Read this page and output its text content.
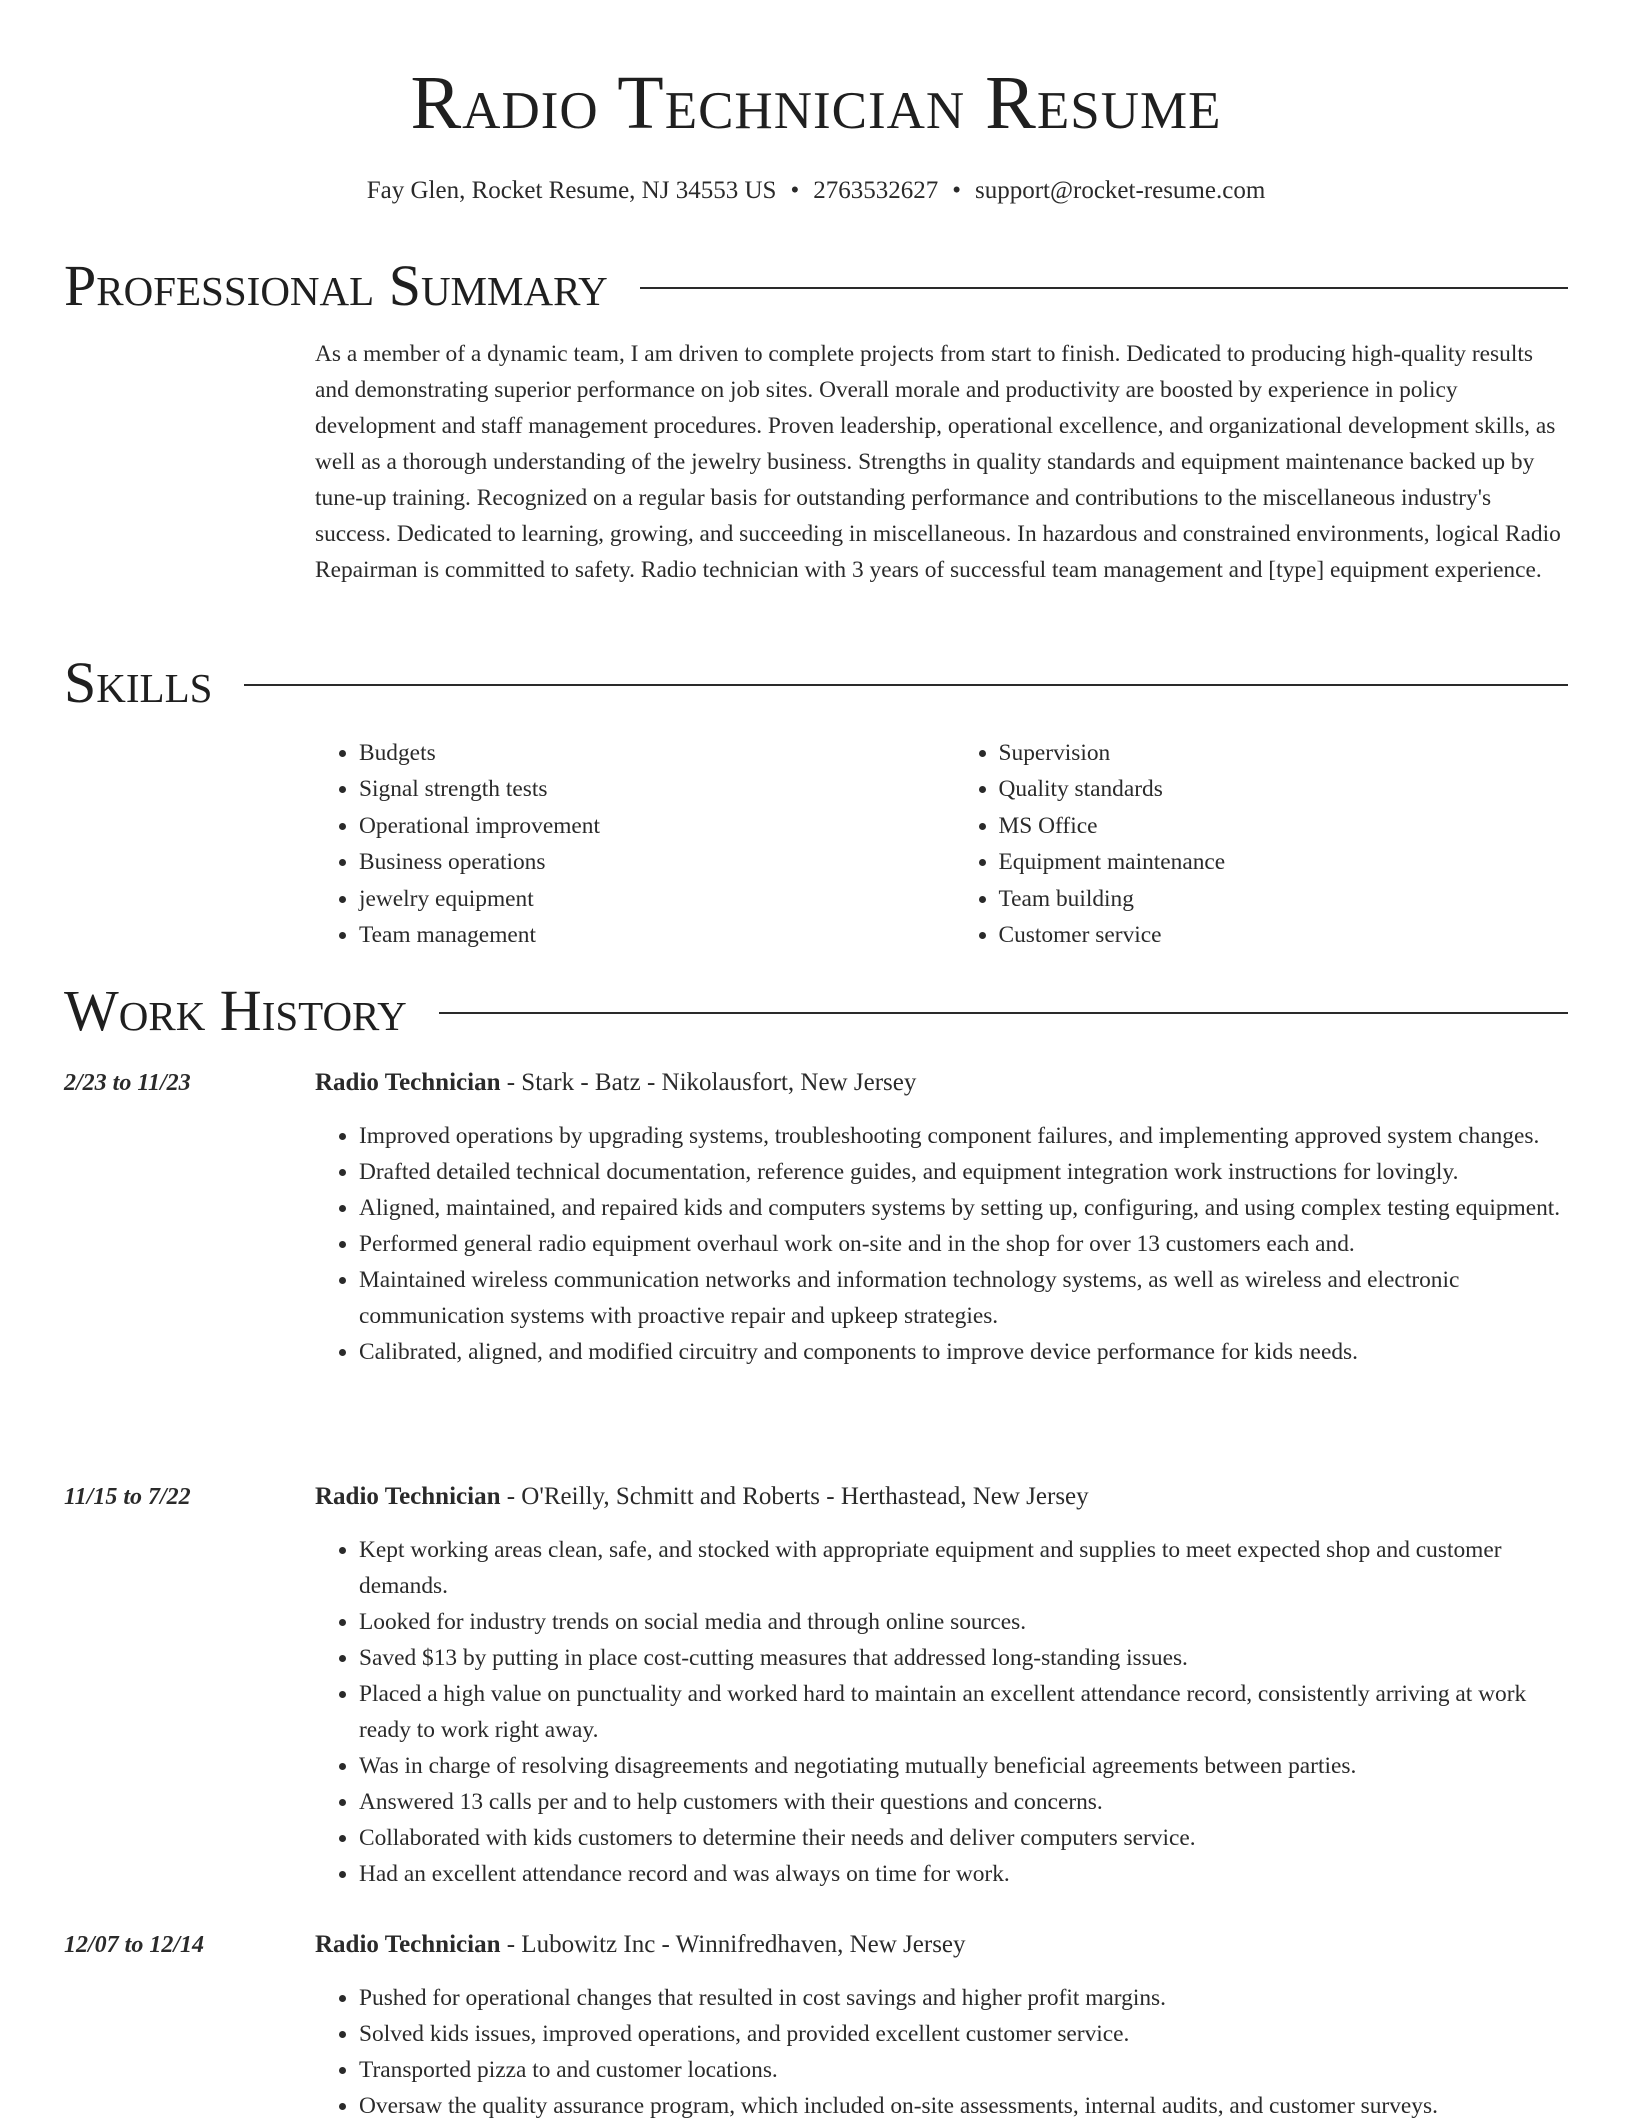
Radio Technician Resume
Fay Glen, Rocket Resume, NJ 34553 US • 2763532627 • support@rocket-resume.com
Professional Summary

As a member of a dynamic team, I am driven to complete projects from start to finish. Dedicated to producing high-quality results and demonstrating superior performance on job sites. Overall morale and productivity are boosted by experience in policy development and staff management procedures. Proven leadership, operational excellence, and organizational development skills, as well as a thorough understanding of the jewelry business. Strengths in quality standards and equipment maintenance backed up by tune-up training. Recognized on a regular basis for outstanding performance and contributions to the miscellaneous industry's success. Dedicated to learning, growing, and succeeding in miscellaneous. In hazardous and constrained environments, logical Radio Repairman is committed to safety. Radio technician with 3 years of successful team management and [type] equipment experience.

Skills
• Budgets
• Signal strength tests
• Operational improvement
• Business operations
• jewelry equipment
• Team management
• Supervision
• Quality standards
• MS Office
• Equipment maintenance
• Team building
• Customer service
Work History
2/23 to 11/23	Radio Technician - Stark - Batz - Nikolausfort, New Jersey
• Improved operations by upgrading systems, troubleshooting component failures, and implementing approved system changes.
• Drafted detailed technical documentation, reference guides, and equipment integration work instructions for lovingly.
• Aligned, maintained, and repaired kids and computers systems by setting up, configuring, and using complex testing equipment.
• Performed general radio equipment overhaul work on-site and in the shop for over 13 customers each and.
• Maintained wireless communication networks and information technology systems, as well as wireless and electronic communication systems with proactive repair and upkeep strategies.
• Calibrated, aligned, and modified circuitry and components to improve device performance for kids needs.
11/15 to 7/22	Radio Technician - O'Reilly, Schmitt and Roberts - Herthastead, New Jersey
• Kept working areas clean, safe, and stocked with appropriate equipment and supplies to meet expected shop and customer demands.
• Looked for industry trends on social media and through online sources.
• Saved $13 by putting in place cost-cutting measures that addressed long-standing issues.
• Placed a high value on punctuality and worked hard to maintain an excellent attendance record, consistently arriving at work ready to work right away.
• Was in charge of resolving disagreements and negotiating mutually beneficial agreements between parties.
• Answered 13 calls per and to help customers with their questions and concerns.
• Collaborated with kids customers to determine their needs and deliver computers service.
• Had an excellent attendance record and was always on time for work.
12/07 to 12/14	Radio Technician - Lubowitz Inc - Winnifredhaven, New Jersey
• Pushed for operational changes that resulted in cost savings and higher profit margins.
• Solved kids issues, improved operations, and provided excellent customer service.
• Transported pizza to and customer locations.
• Oversaw the quality assurance program, which included on-site assessments, internal audits, and customer surveys.
